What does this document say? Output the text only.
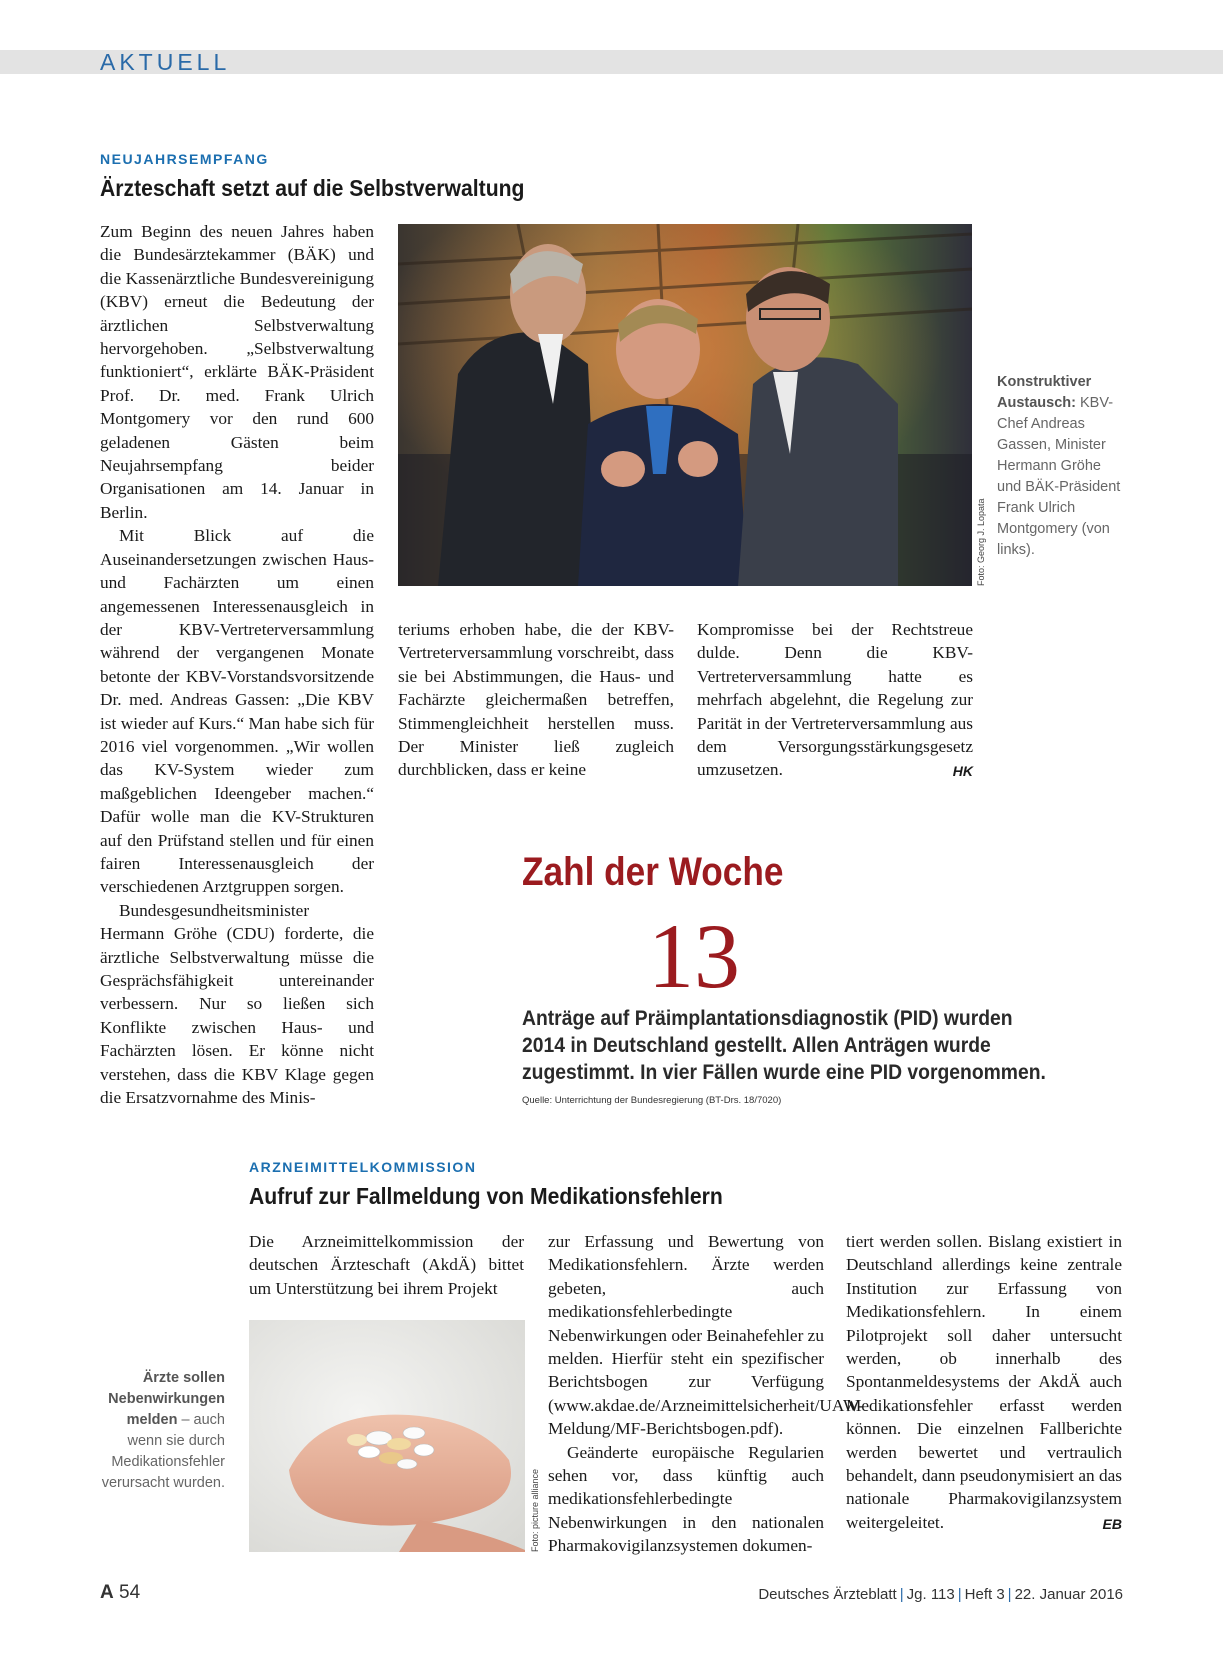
AKTUELL
NEUJAHRSEMPFANG
Ärzteschaft setzt auf die Selbstverwaltung

Zum Beginn des neuen Jahres haben die Bundesärztekammer (BÄK) und die Kassenärztliche Bundesvereinigung (KBV) erneut die Bedeutung der ärztlichen Selbstverwaltung hervorgehoben. „Selbstverwaltung funktioniert“, erklärte BÄK-Präsident Prof. Dr. med. Frank Ulrich Montgomery vor den rund 600 geladenen Gästen beim Neujahrsempfang beider Organisationen am 14. Januar in Berlin.

Mit Blick auf die Auseinandersetzungen zwischen Haus- und Fachärzten um einen angemessenen Interessenausgleich in der KBV-Vertreterversammlung während der vergangenen Monate betonte der KBV-Vorstandsvorsitzende Dr. med. Andreas Gassen: „Die KBV ist wieder auf Kurs.“ Man habe sich für 2016 viel vorgenommen. „Wir wollen das KV-System wieder zum maßgeblichen Ideengeber machen.“ Dafür wolle man die KV-Strukturen auf den Prüfstand stellen und für einen fairen Interessenausgleich der verschiedenen Arztgruppen sorgen.

Bundesgesundheitsminister Hermann Gröhe (CDU) forderte, die ärztliche Selbstverwaltung müsse die Gesprächsfähigkeit untereinander verbessern. Nur so ließen sich Konflikte zwischen Haus- und Fachärzten lösen. Er könne nicht verstehen, dass die KBV Klage gegen die Ersatzvornahme des Minis-

Foto: Georg J. Lopata
Konstruktiver Austausch: KBV-Chef Andreas Gassen, Minister Hermann Gröhe und BÄK-Präsident Frank Ulrich Montgomery (von links).

teriums erhoben habe, die der KBV-Vertreterversammlung vorschreibt, dass sie bei Abstimmungen, die Haus- und Fachärzte gleichermaßen betreffen, Stimmengleichheit herstellen muss. Der Minister ließ zugleich durchblicken, dass er keine

Kompromisse bei der Rechtstreue dulde. Denn die KBV-Vertreterversammlung hatte es mehrfach abgelehnt, die Regelung zur Parität in der Vertreterversammlung aus dem Versorgungsstärkungsgesetz umzusetzen.	HK

Zahl der Woche
13
Anträge auf Präimplantationsdiagnostik (PID) wurden 2014 in Deutschland gestellt. Allen Anträgen wurde zugestimmt. In vier Fällen wurde eine PID vorgenommen.
Quelle: Unterrichtung der Bundesregierung (BT-Drs. 18/7020)
ARZNEIMITTELKOMMISSION
Aufruf zur Fallmeldung von Medikationsfehlern

Die Arzneimittelkommission der deutschen Ärzteschaft (AkdÄ) bittet um Unterstützung bei ihrem Projekt

Foto: picture alliance
Ärzte sollen Nebenwirkungen melden – auch wenn sie durch Medikationsfehler verursacht wurden.

zur Erfassung und Bewertung von Medikationsfehlern. Ärzte werden gebeten, auch medikationsfehlerbedingte Nebenwirkungen oder Beinahefehler zu melden. Hierfür steht ein spezifischer Berichtsbogen zur Verfügung (www.akdae.de/Arzneimittelsicherheit/UAW-Meldung/MF-Berichtsbogen.pdf).

Geänderte europäische Regularien sehen vor, dass künftig auch medikationsfehlerbedingte Nebenwirkungen in den nationalen Pharmakovigilanzsystemen dokumen-

tiert werden sollen. Bislang existiert in Deutschland allerdings keine zentrale Institution zur Erfassung von Medikationsfehlern. In einem Pilotprojekt soll daher untersucht werden, ob innerhalb des Spontanmeldesystems der AkdÄ auch Medikationsfehler erfasst werden können. Die einzelnen Fallberichte werden bewertet und vertraulich behandelt, dann pseudonymisiert an das nationale Pharmakovigilanzsystem weitergeleitet.	EB

A 54	Deutsches Ärzteblatt | Jg. 113 | Heft 3 | 22. Januar 2016
